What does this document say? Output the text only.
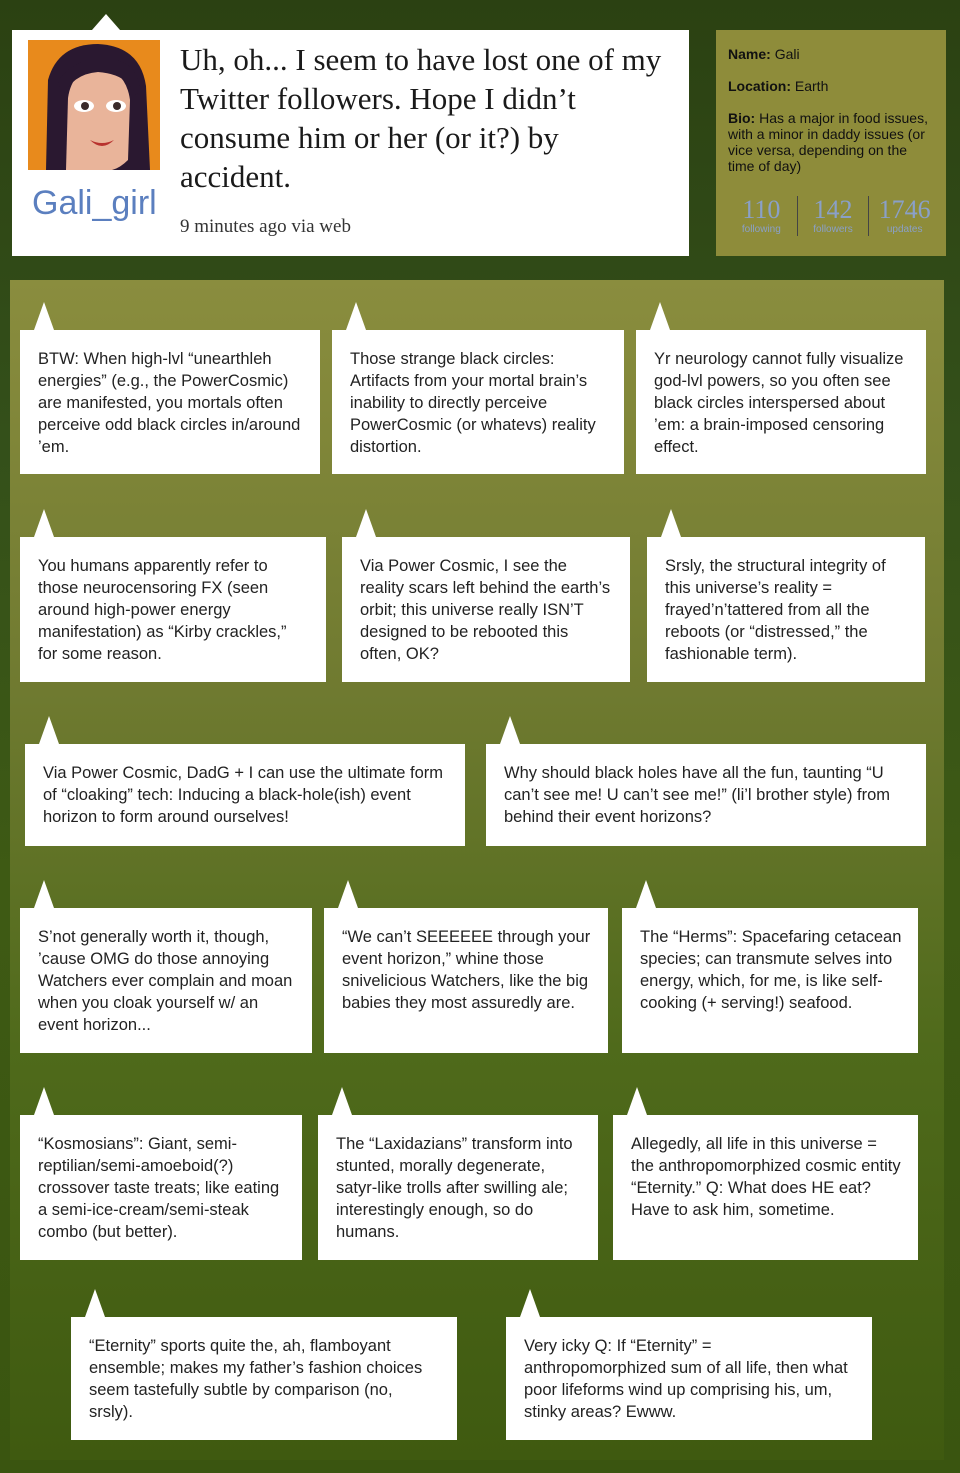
Gali_girl
Uh, oh... I seem to have lost one of my Twitter followers. Hope I didn’t consume him or her (or it?) by accident.
9 minutes ago via web
Name: Gali
Location: Earth
Bio: Has a major in food issues, with a minor in daddy issues (or vice versa, depending on the time of day)
110
following
142
followers
1746
updates
BTW: When high-lvl “unearthleh energies” (e.g., the PowerCosmic) are manifested, you mortals often perceive odd black circles in/around ’em.
Those strange black circles: Artifacts from your mortal brain’s inability to directly perceive PowerCosmic (or whatevs) reality distortion.
Yr neurology cannot fully visualize god-lvl powers, so you often see black circles interspersed about ’em: a brain-imposed censoring effect.
You humans apparently refer to those neurocensoring FX (seen around high-power energy manifestation) as “Kirby crackles,” for some reason.
Via Power Cosmic, I see the reality scars left behind the earth’s orbit; this universe really ISN’T designed to be rebooted this often, OK?
Srsly, the structural integrity of this universe’s reality = frayed’n’tattered from all the reboots (or “distressed,” the fashionable term).
Via Power Cosmic, DadG + I can use the ultimate form of “cloaking” tech: Inducing a black-hole(ish) event horizon to form around ourselves!
Why should black holes have all the fun, taunting “U can’t see me! U can’t see me!” (li’l brother style) from behind their event horizons?
S’not generally worth it, though, ’cause OMG do those annoying Watchers ever complain and moan when you cloak yourself w/ an event horizon...
“We can’t SEEEEEE through your event horizon,” whine those snivelicious Watchers, like the big babies they most assuredly are.
The “Herms”: Spacefaring cetacean species; can transmute selves into energy, which, for me, is like self-cooking (+ serving!) seafood.
“Kosmosians”: Giant, semi-reptilian/semi-amoeboid(?) crossover taste treats; like eating a semi-ice-cream/semi-steak combo (but better).
The “Laxidazians” transform into stunted, morally degenerate, satyr-like trolls after swilling ale; interestingly enough, so do humans.
Allegedly, all life in this universe = the anthropomorphized cosmic entity “Eternity.” Q: What does HE eat? Have to ask him, sometime.
“Eternity” sports quite the, ah, flamboyant ensemble; makes my father’s fashion choices seem tastefully subtle by comparison (no, srsly).
Very icky Q: If “Eternity” = anthropomorphized sum of all life, then what poor lifeforms wind up comprising his, um, stinky areas? Ewww.
